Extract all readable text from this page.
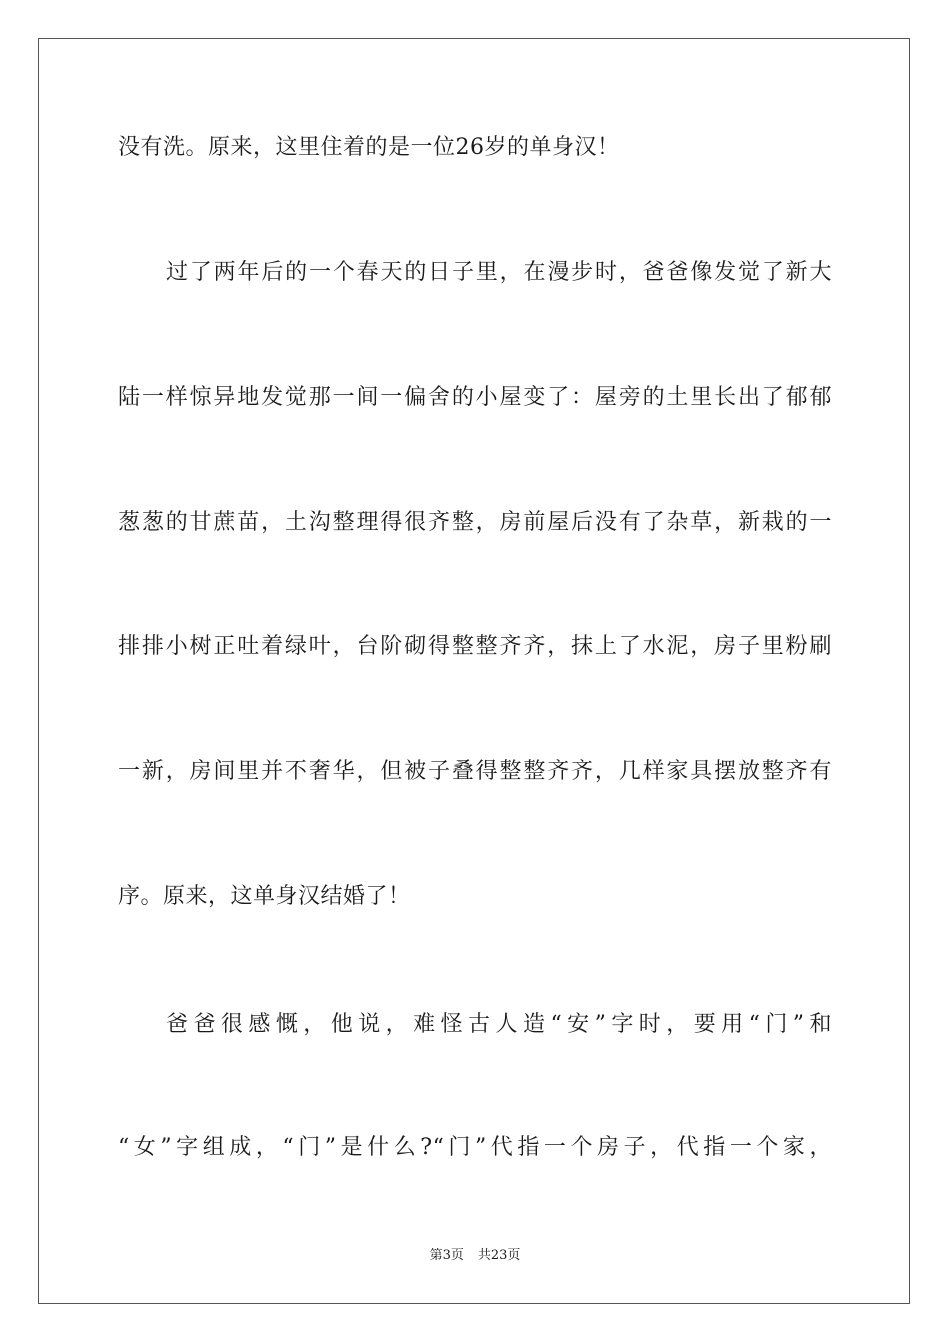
没有洗。原来，这里住着的是一位26岁的单身汉！
过了两年后的一个春天的日子里，在漫步时，爸爸像发觉了新大
陆一样惊异地发觉那一间一偏舍的小屋变了：屋旁的土里长出了郁郁
葱葱的甘蔗苗，土沟整理得很齐整，房前屋后没有了杂草，新栽的一
排排小树正吐着绿叶，台阶砌得整整齐齐，抹上了水泥，房子里粉刷
一新，房间里并不奢华，但被子叠得整整齐齐，几样家具摆放整齐有
序。原来，这单身汉结婚了！
爸爸很感慨，他说，难怪古人造“安”字时，要用“门”和
“女”字组成，“门”是什么?“门”代指一个房子，代指一个家，
第3页 共23页
